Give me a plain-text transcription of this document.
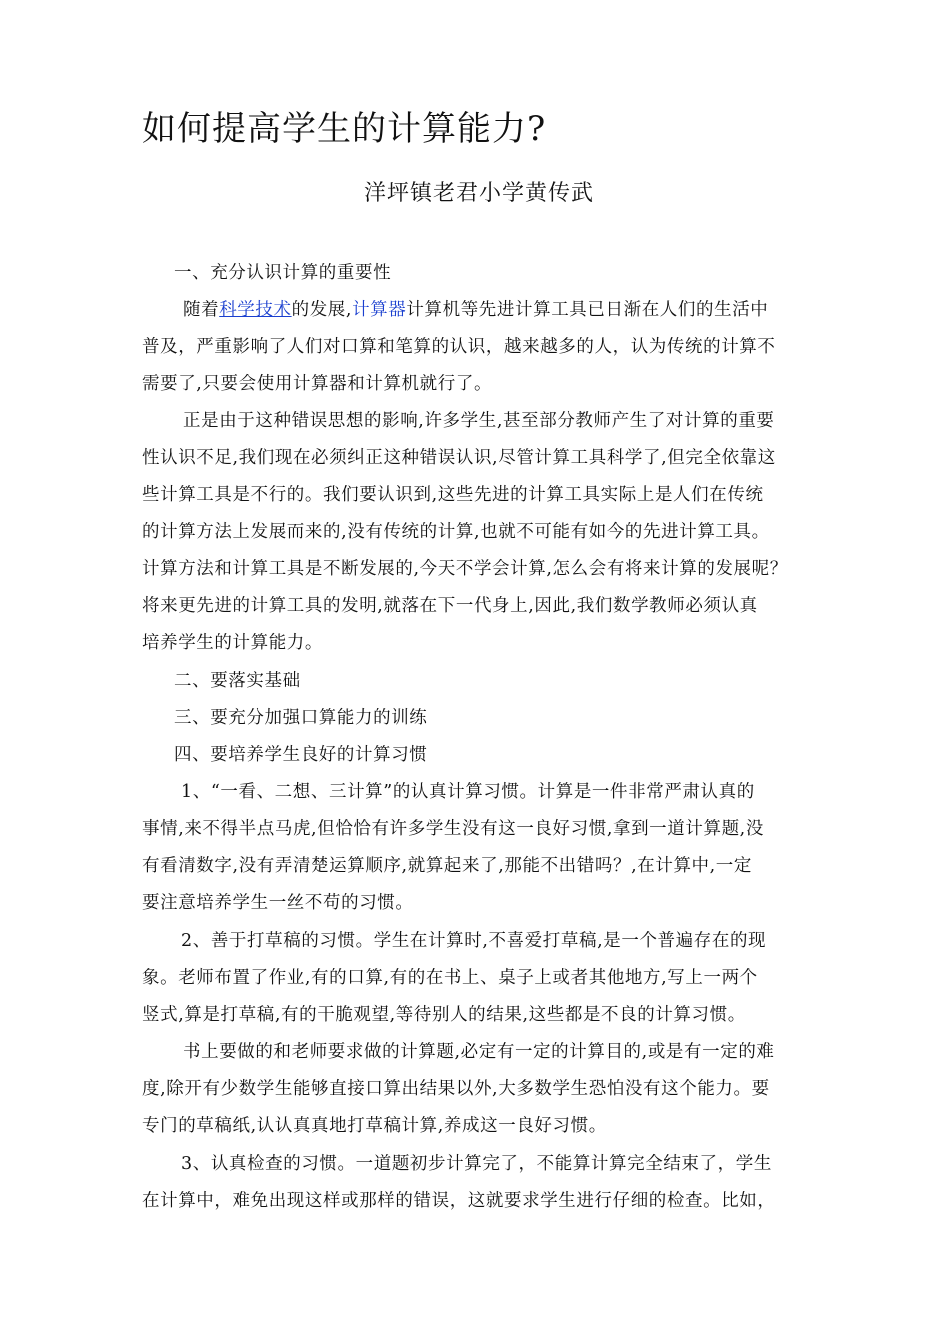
如何提高学生的计算能力?
洋坪镇老君小学黄传武
一、充分认识计算的重要性
随着科学技术的发展,计算器计算机等先进计算工具已日渐在人们的生活中
普及，严重影响了人们对口算和笔算的认识，越来越多的人，认为传统的计算不
需要了,只要会使用计算器和计算机就行了。
正是由于这种错误思想的影响,许多学生,甚至部分教师产生了对计算的重要
性认识不足,我们现在必须纠正这种错误认识,尽管计算工具科学了,但完全依靠这
些计算工具是不行的。我们要认识到,这些先进的计算工具实际上是人们在传统
的计算方法上发展而来的,没有传统的计算,也就不可能有如今的先进计算工具。
计算方法和计算工具是不断发展的,今天不学会计算,怎么会有将来计算的发展呢？
将来更先进的计算工具的发明,就落在下一代身上,因此,我们数学教师必须认真
培养学生的计算能力。
二、要落实基础
三、要充分加强口算能力的训练
四、要培养学生良好的计算习惯
1、“一看、二想、三计算”的认真计算习惯。计算是一件非常严肃认真的
事情,来不得半点马虎,但恰恰有许多学生没有这一良好习惯,拿到一道计算题,没
有看清数字,没有弄清楚运算顺序,就算起来了,那能不出错吗？,在计算中,一定
要注意培养学生一丝不苟的习惯。
2、善于打草稿的习惯。学生在计算时,不喜爱打草稿,是一个普遍存在的现
象。老师布置了作业,有的口算,有的在书上、桌子上或者其他地方,写上一两个
竖式,算是打草稿,有的干脆观望,等待别人的结果,这些都是不良的计算习惯。
书上要做的和老师要求做的计算题,必定有一定的计算目的,或是有一定的难
度,除开有少数学生能够直接口算出结果以外,大多数学生恐怕没有这个能力。要
专门的草稿纸,认认真真地打草稿计算,养成这一良好习惯。
3、认真检查的习惯。一道题初步计算完了，不能算计算完全结束了，学生
在计算中，难免出现这样或那样的错误，这就要求学生进行仔细的检查。比如，
